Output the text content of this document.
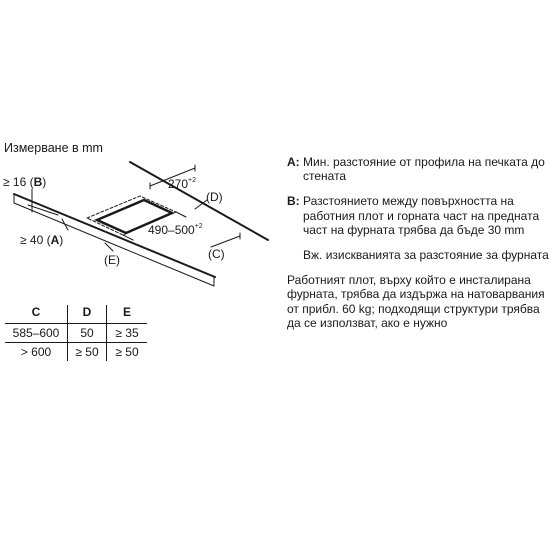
Измерване в mm
≥ 16 (B)
≥ 40 (A)
$270^{+2}$
$490-500^{+2}$
(D)
(C)
(E)
C	D	E
585–600	50	≥ 35
> 600	≥ 50	≥ 50
A: Мин. разстояние от профила на печката до стената
B: Разстоянието между повърхността на работния плот и горната част на предната част на фурната трябва да бъде 30 mm
Вж. изискванията за разстояние за фурната
Работният плот, върху който е инсталирана фурната, трябва да издържа на натоварвания от прибл. 60 kg; подходящи структури трябва да се използват, ако е нужно
